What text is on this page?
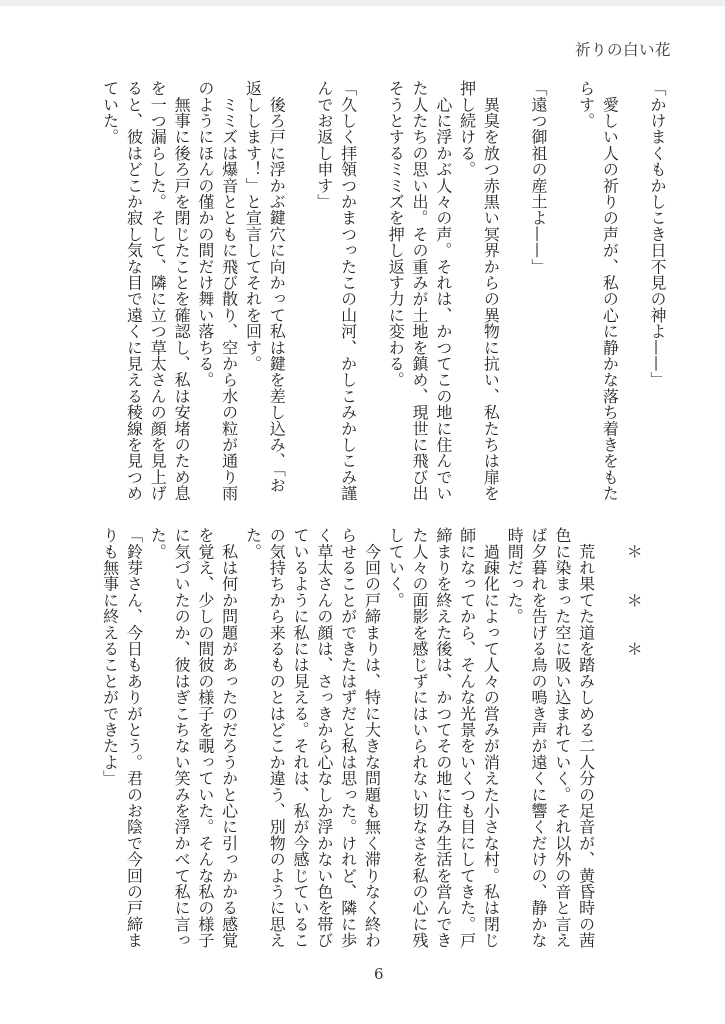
祈りの白い花
「かけまくもかしこき日不見の神よ——」
　愛しい人の祈りの声が、私の心に静かな落ち着きをもた
らす。
「遠つ御祖の産土よ——」
　異臭を放つ赤黒い冥界からの異物に抗い、私たちは扉を
押し続ける。
　心に浮かぶ人々の声。それは、かつてこの地に住んでい
た人たちの思い出。その重みが土地を鎮め、現世に飛び出
そうとするミミズを押し返す力に変わる。
「久しく拝領つかまつったこの山河、かしこみかしこみ謹
んでお返し申す」
　後ろ戸に浮かぶ鍵穴に向かって私は鍵を差し込み、「お
返しします！」と宣言してそれを回す。
　ミミズは爆音とともに飛び散り、空から水の粒が通り雨
のようにほんの僅かの間だけ舞い落ちる。
　無事に後ろ戸を閉じたことを確認し、私は安堵のため息
を一つ漏らした。そして、隣に立つ草太さんの顔を見上げ
ると、彼はどこか寂し気な目で遠くに見える稜線を見つめ
ていた。
　＊　　＊　　＊
　荒れ果てた道を踏みしめる二人分の足音が、黄昏時の茜
色に染まった空に吸い込まれていく。それ以外の音と言え
ば夕暮れを告げる鳥の鳴き声が遠くに響くだけの、静かな
時間だった。
　過疎化によって人々の営みが消えた小さな村。私は閉じ
師になってから、そんな光景をいくつも目にしてきた。戸
締まりを終えた後は、かつてその地に住み生活を営んでき
た人々の面影を感じずにはいられない切なさを私の心に残
していく。
　今回の戸締まりは、特に大きな問題も無く滞りなく終わ
らせることができたはずだと私は思った。けれど、隣に歩
く草太さんの顔は、さっきから心なしか浮かない色を帯び
ているように私には見える。それは、私が今感じているこ
の気持ちから来るものとはどこか違う、別物のように思え
た。
　私は何か問題があったのだろうかと心に引っかかる感覚
を覚え、少しの間彼の様子を覗っていた。そんな私の様子
に気づいたのか、彼はぎこちない笑みを浮かべて私に言っ
た。
「鈴芽さん、今日もありがとう。君のお陰で今回の戸締ま
りも無事に終えることができたよ」
6
